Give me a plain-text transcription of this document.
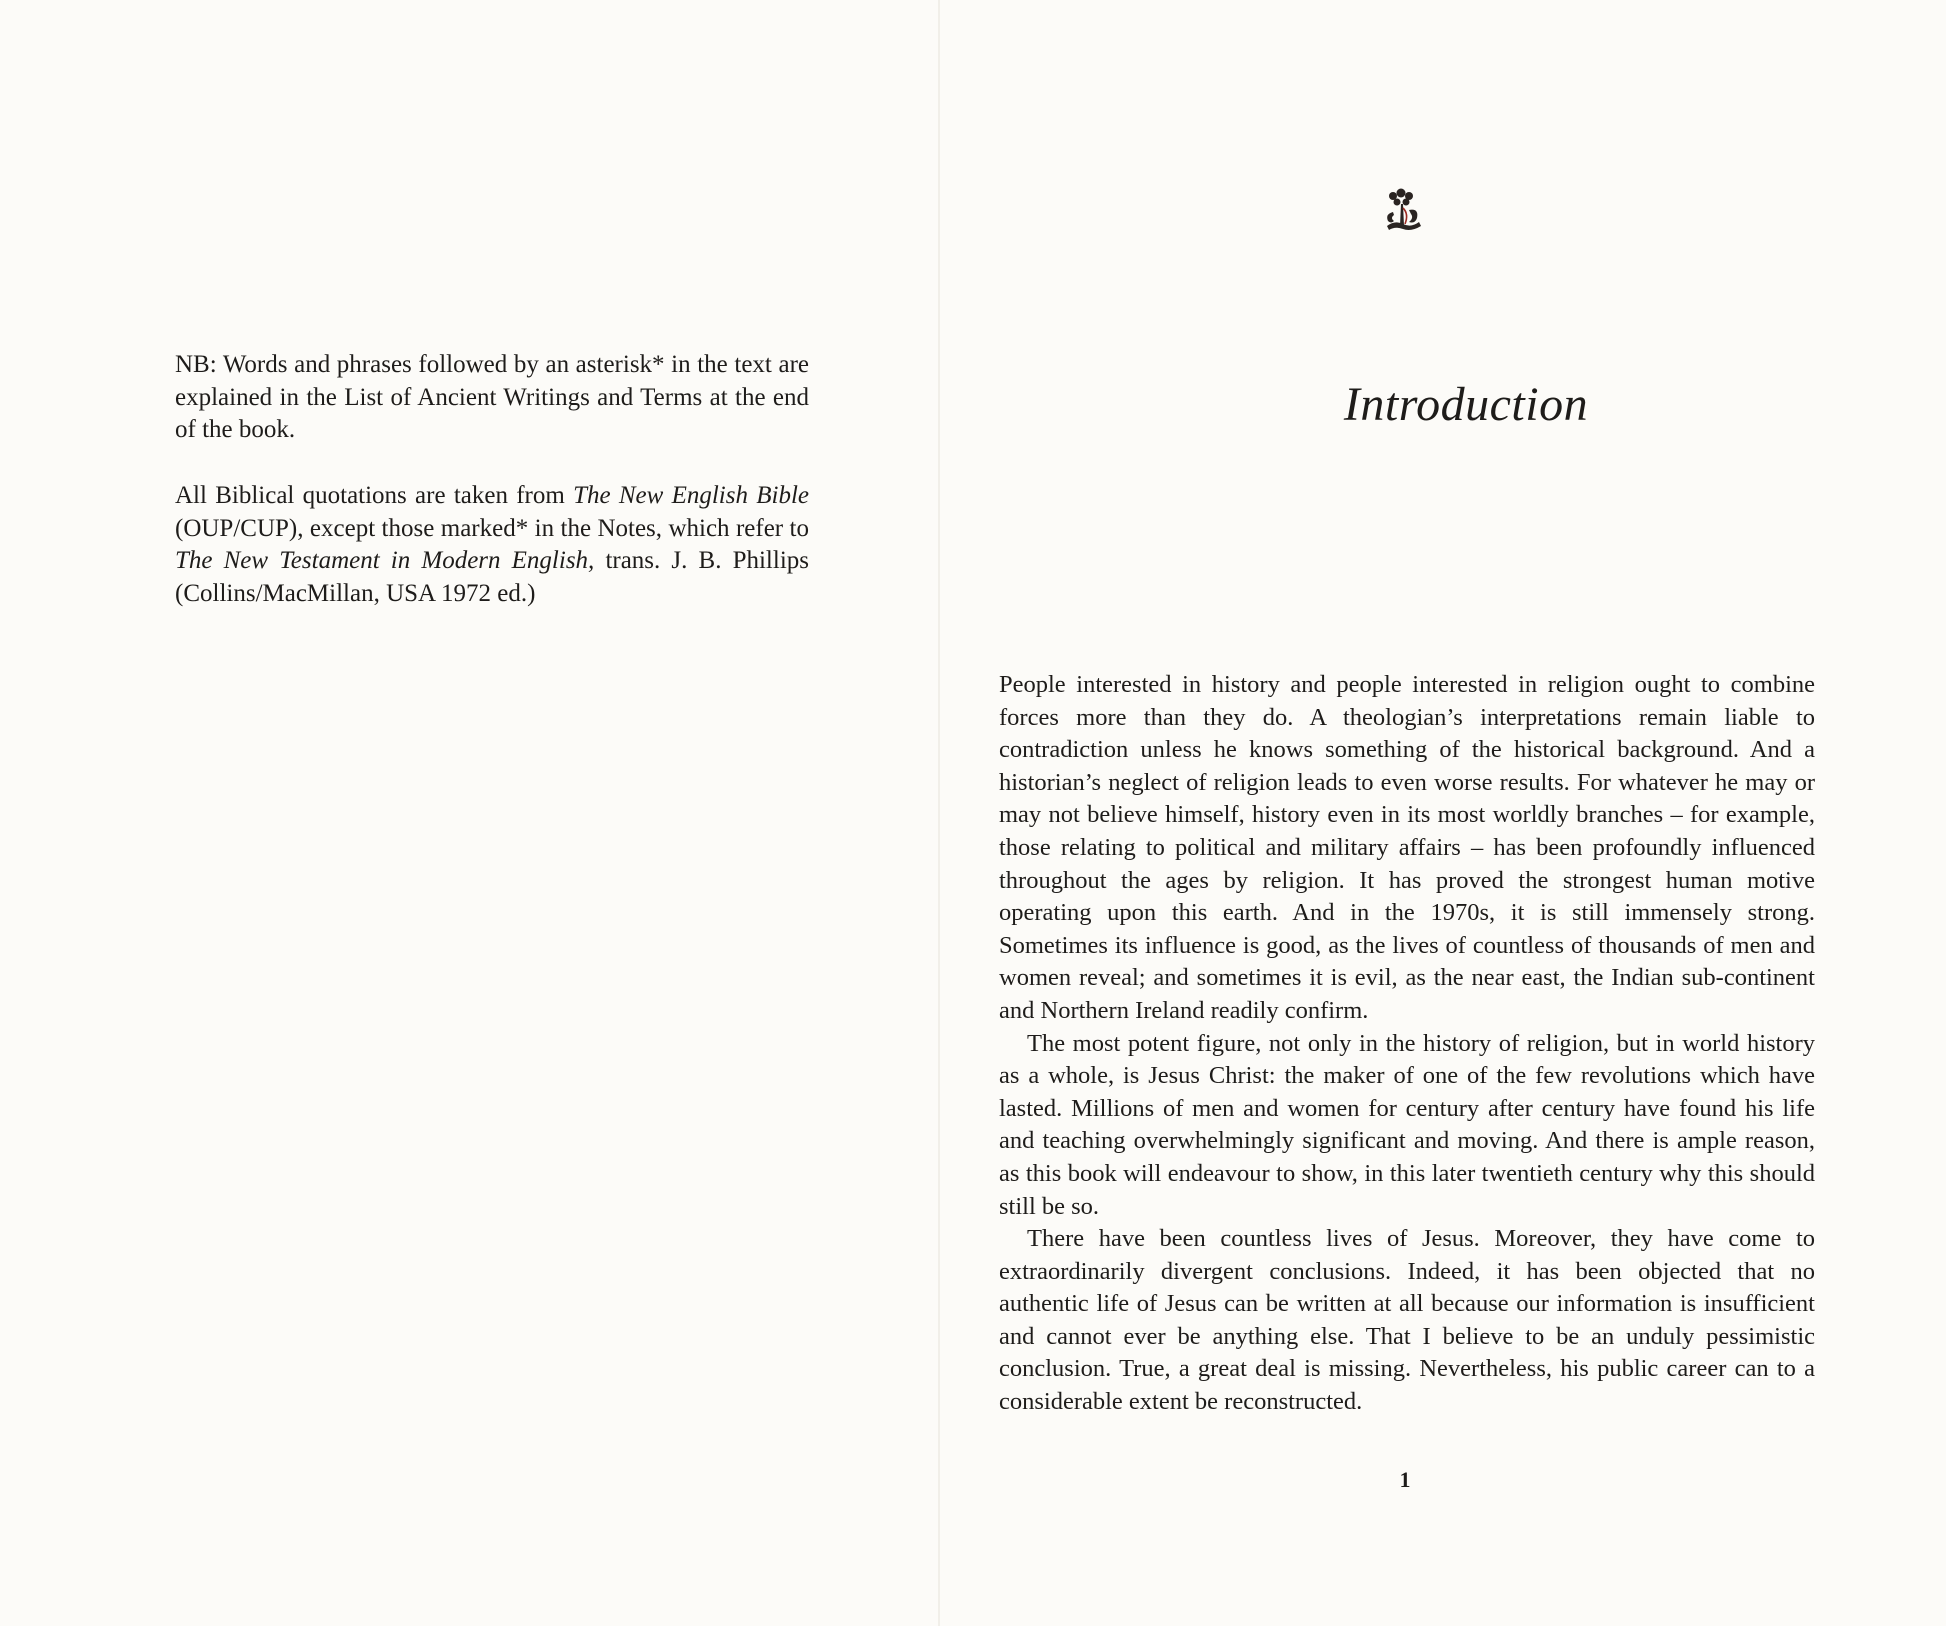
NB: Words and phrases followed by an asterisk* in the text are explained in the List of Ancient Writings and Terms at the end of the book.

All Biblical quotations are taken from The New English Bible (OUP/CUP), except those marked* in the Notes, which refer to The New Testament in Modern English, trans. J. B. Phillips (Collins/MacMillan, USA 1972 ed.)

Introduction

People interested in history and people interested in religion ought to combine forces more than they do. A theologian’s interpretations remain liable to contradiction unless he knows something of the historical background. And a historian’s neglect of religion leads to even worse results. For whatever he may or may not believe himself, history even in its most worldly branches – for example, those relating to political and military affairs – has been profoundly influenced throughout the ages by religion. It has proved the strongest human motive operating upon this earth. And in the 1970s, it is still immensely strong. Sometimes its influence is good, as the lives of countless of thousands of men and women reveal; and sometimes it is evil, as the near east, the Indian sub-continent and Northern Ireland readily confirm.

The most potent figure, not only in the history of religion, but in world history as a whole, is Jesus Christ: the maker of one of the few revolutions which have lasted. Millions of men and women for century after century have found his life and teaching overwhelmingly significant and moving. And there is ample reason, as this book will endeavour to show, in this later twentieth century why this should still be so.

There have been countless lives of Jesus. Moreover, they have come to extraordinarily divergent conclusions. Indeed, it has been objected that no authentic life of Jesus can be written at all because our information is insufficient and cannot ever be anything else. That I believe to be an unduly pessimistic conclusion. True, a great deal is missing. Nevertheless, his public career can to a considerable extent be reconstructed.

1
